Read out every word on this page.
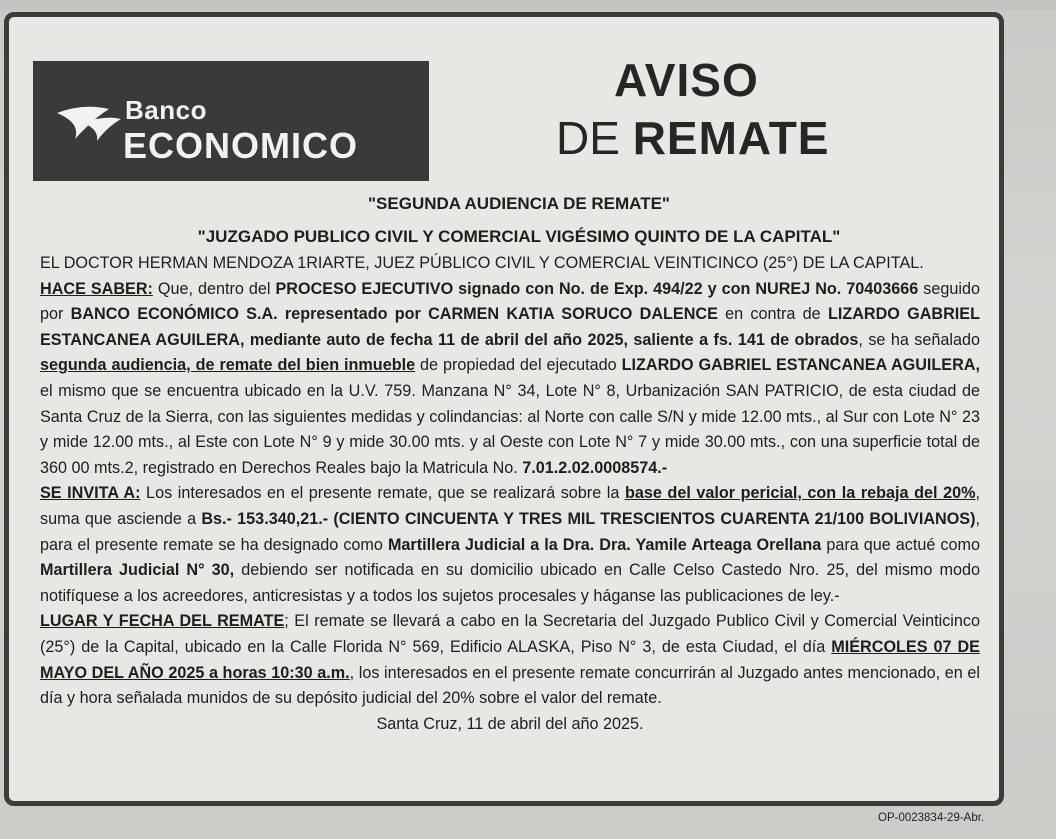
Banco
ECONOMICO
AVISO
DE REMATE
"SEGUNDA AUDIENCIA DE REMATE"
"JUZGADO PUBLICO CIVIL Y COMERCIAL VIGÉSIMO QUINTO DE LA CAPITAL"

EL DOCTOR HERMAN MENDOZA 1RIARTE, JUEZ PÚBLICO CIVIL Y COMERCIAL VEINTICINCO (25°) DE LA CAPITAL.

HACE SABER: Que, dentro del PROCESO EJECUTIVO signado con No. de Exp. 494/22 y con NUREJ No. 70403666 seguido por BANCO ECONÓMICO S.A. representado por CARMEN KATIA SORUCO DALENCE en contra de LIZARDO GABRIEL ESTANCANEA AGUILERA, mediante auto de fecha 11 de abril del año 2025, saliente a fs. 141 de obrados, se ha señalado segunda audiencia, de remate del bien inmueble de propiedad del ejecutado LIZARDO GABRIEL ESTANCANEA AGUILERA, el mismo que se encuentra ubicado en la U.V. 759. Manzana N° 34, Lote N° 8, Urbanización SAN PATRICIO, de esta ciudad de Santa Cruz de la Sierra, con las siguientes medidas y colindancias: al Norte con calle S/N y mide 12.00 mts., al Sur con Lote N° 23 y mide 12.00 mts., al Este con Lote N° 9 y mide 30.00 mts. y al Oeste con Lote N° 7 y mide 30.00 mts., con una superficie total de 360 00 mts.2, registrado en Derechos Reales bajo la Matricula No. 7.01.2.02.0008574.-

SE INVITA A: Los interesados en el presente remate, que se realizará sobre la base del valor pericial, con la rebaja del 20%, suma que asciende a Bs.- 153.340,21.- (CIENTO CINCUENTA Y TRES MIL TRESCIENTOS CUARENTA 21/100 BOLIVIANOS), para el presente remate se ha designado como Martillera Judicial a la Dra. Dra. Yamile Arteaga Orellana para que actué como Martillera Judicial N° 30, debiendo ser notificada en su domicilio ubicado en Calle Celso Castedo Nro. 25, del mismo modo notifíquese a los acreedores, anticresistas y a todos los sujetos procesales y háganse las publicaciones de ley.-

LUGAR Y FECHA DEL REMATE; El remate se llevará a cabo en la Secretaria del Juzgado Publico Civil y Comercial Veinticinco (25°) de la Capital, ubicado en la Calle Florida N° 569, Edificio ALASKA, Piso N° 3, de esta Ciudad, el día MIÉRCOLES 07 DE MAYO DEL AÑO 2025 a horas 10:30 a.m., los interesados en el presente remate concurrirán al Juzgado antes mencionado, en el día y hora señalada munidos de su depósito judicial del 20% sobre el valor del remate.

Santa Cruz, 11 de abril del año 2025.

OP-0023834-29-Abr.
